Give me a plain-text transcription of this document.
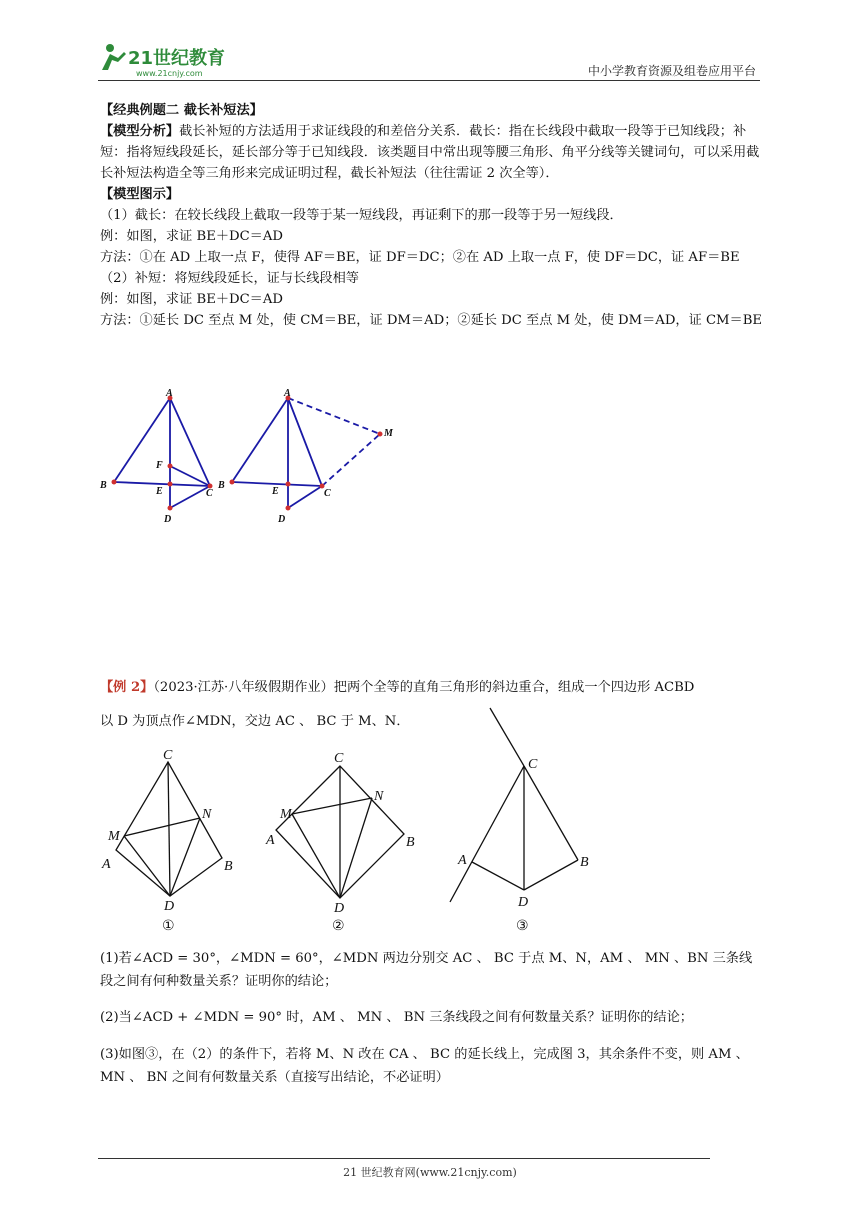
21世纪教育
www.21cnjy.com	中小学教育资源及组卷应用平台

【经典例题二 截长补短法】

【模型分析】截长补短的方法适用于求证线段的和差倍分关系．截长：指在长线段中截取一段等于已知线段；补短：指将短线段延长，延长部分等于已知线段．该类题目中常出现等腰三角形、角平分线等关键词句，可以采用截长补短法构造全等三角形来完成证明过程，截长补短法（往往需证 2 次全等）．

【模型图示】

（1）截长：在较长线段上截取一段等于某一短线段，再证剩下的那一段等于另一短线段．

例：如图，求证 BE＋DC＝AD

方法：①在 AD 上取一点 F，使得 AF＝BE，证 DF＝DC；②在 AD 上取一点 F，使 DF＝DC，证 AF＝BE

（2）补短：将短线段延长，证与长线段相等

例：如图，求证 BE＋DC＝AD

方法：①延长 DC 至点 M 处，使 CM＝BE，证 DM＝AD；②延长 DC 至点 M 处，使 DM＝AD，证 CM＝BE

A
B
C
D
E
F
A
B
C
D
E
M

【例 2】（2023·江苏·八年级假期作业）把两个全等的直角三角形的斜边重合，组成一个四边形 ACBD

以 D 为顶点作∠MDN，交边 AC 、 BC 于 M、N．

C
A	B
D
M
N
C
A	B
D
M
N
C
A	B
D
①	②	③

(1)若∠ACD = 30°，∠MDN = 60°，∠MDN 两边分别交 AC 、 BC 于点 M、N，AM 、 MN 、BN 三条线段之间有何种数量关系？证明你的结论；

(2)当∠ACD + ∠MDN = 90° 时，AM 、 MN 、 BN 三条线段之间有何数量关系？证明你的结论；

(3)如图③，在（2）的条件下，若将 M、N 改在 CA 、 BC 的延长线上，完成图 3，其余条件不变，则 AM 、 MN 、 BN 之间有何数量关系（直接写出结论，不必证明）

21 世纪教育网(www.21cnjy.com)
